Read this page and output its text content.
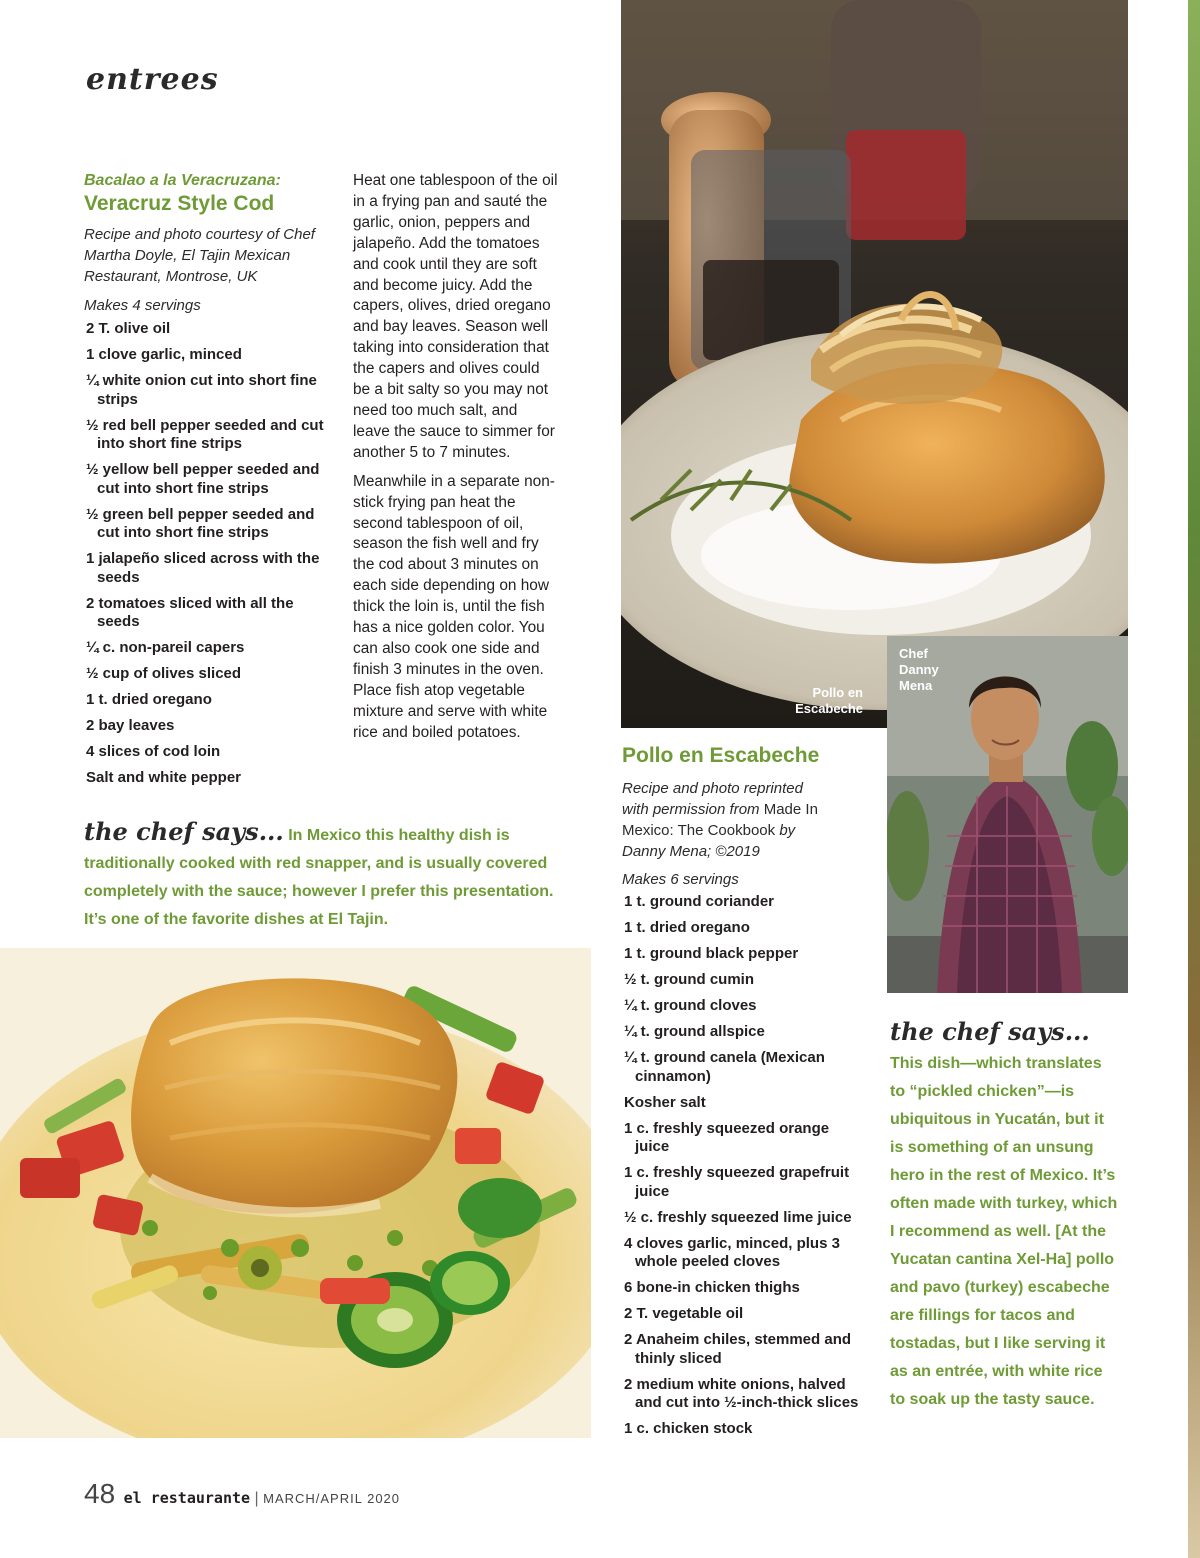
entrees
Bacalao a la Veracruzana:
Veracruz Style Cod
Recipe and photo courtesy of Chef Martha Doyle, El Tajin Mexican Restaurant, Montrose, UK
Makes 4 servings
2 T. olive oil
1 clove garlic, minced
¼ white onion cut into short fine strips
½ red bell pepper seeded and cut into short fine strips
½ yellow bell pepper seeded and cut into short fine strips
½ green bell pepper seeded and cut into short fine strips
1 jalapeño sliced across with the seeds
2 tomatoes sliced with all the seeds
¼ c. non-pareil capers
½ cup of olives sliced
1 t. dried oregano
2 bay leaves
4 slices of cod loin
Salt and white pepper

Heat one tablespoon of the oil in a frying pan and sauté the garlic, onion, peppers and jalapeño. Add the tomatoes and cook until they are soft and become juicy. Add the capers, olives, dried oregano and bay leaves. Season well taking into consideration that the capers and olives could be a bit salty so you may not need too much salt, and leave the sauce to simmer for another 5 to 7 minutes.

Meanwhile in a separate non-stick frying pan heat the second tablespoon of oil, season the fish well and fry the cod about 3 minutes on each side depending on how thick the loin is, until the fish has a nice golden color. You can also cook one side and finish 3 minutes in the oven. Place fish atop vegetable mixture and serve with white rice and boiled potatoes.

the chef says... In Mexico this healthy dish is traditionally cooked with red snapper, and is usually covered completely with the sauce; however I prefer this presentation. It’s one of the favorite dishes at El Tajin.
Pollo en
Escabeche
Chef
Danny
Mena
Pollo en Escabeche
Recipe and photo reprinted with permission from Made In Mexico: The Cookbook by Danny Mena; ©2019
Makes 6 servings
1 t. ground coriander
1 t. dried oregano
1 t. ground black pepper
½ t. ground cumin
¼ t. ground cloves
¼ t. ground allspice
¼ t. ground canela (Mexican cinnamon)
Kosher salt
1 c. freshly squeezed orange juice
1 c. freshly squeezed grapefruit juice
½ c. freshly squeezed lime juice
4 cloves garlic, minced, plus 3 whole peeled cloves
6 bone-in chicken thighs
2 T. vegetable oil
2 Anaheim chiles, stemmed and thinly sliced
2 medium white onions, halved and cut into ½-inch-thick slices
1 c. chicken stock
the chef says... This dish—which translates to “pickled chicken”—is ubiquitous in Yucatán, but it is something of an unsung hero in the rest of Mexico. It’s often made with turkey, which I recommend as well. [At the Yucatan cantina Xel-Ha] pollo and pavo (turkey) escabeche are fillings for tacos and tostadas, but I like serving it as an entrée, with white rice to soak up the tasty sauce.
48 el restaurante | MARCH/APRIL 2020
